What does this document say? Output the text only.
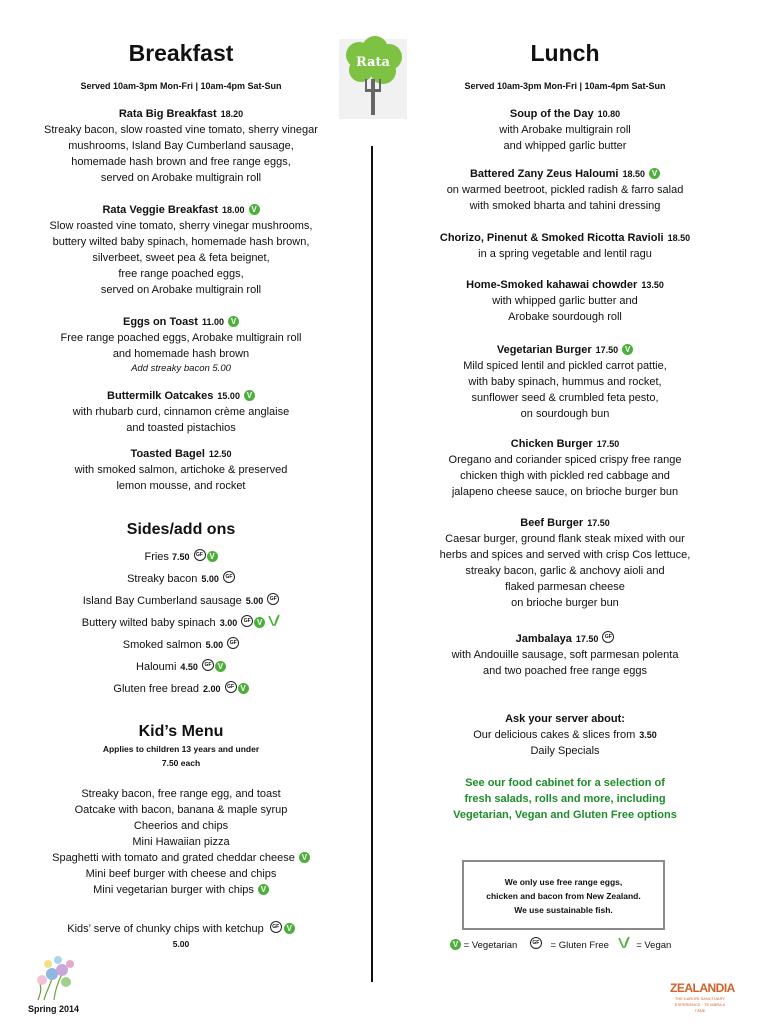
Rata
Breakfast
Served 10am-3pm Mon-Fri | 10am-4pm Sat-Sun
Rata Big Breakfast 18.20
Streaky bacon, slow roasted vine tomato, sherry vinegar
mushrooms, Island Bay Cumberland sausage,
homemade hash brown and free range eggs,
served on Arobake multigrain roll
Rata Veggie Breakfast 18.00 V
Slow roasted vine tomato, sherry vinegar mushrooms,
buttery wilted baby spinach, homemade hash brown,
silverbeet, sweet pea & feta beignet,
free range poached eggs,
served on Arobake multigrain roll
Eggs on Toast 11.00 V
Free range poached eggs, Arobake multigrain roll
and homemade hash brown
Add streaky bacon 5.00
Buttermilk Oatcakes 15.00 V
with rhubarb curd, cinnamon crème anglaise
and toasted pistachios
Toasted Bagel 12.50
with smoked salmon, artichoke & preserved
lemon mousse, and rocket
Sides/add ons
Fries 7.50 GF V
Streaky bacon 5.00 GF
Island Bay Cumberland sausage 5.00 GF
Buttery wilted baby spinach 3.00 GF V
Smoked salmon 5.00 GF
Haloumi 4.50 GF V
Gluten free bread 2.00 GF V
Kid’s Menu
Applies to children 13 years and under
7.50 each
Streaky bacon, free range egg, and toast
Oatcake with bacon, banana & maple syrup
Cheerios and chips
Mini Hawaiian pizza
Spaghetti with tomato and grated cheddar cheese V
Mini beef burger with cheese and chips
Mini vegetarian burger with chips V
Kids’ serve of chunky chips with ketchup GF V
5.00
Spring 2014
Lunch
Served 10am-3pm Mon-Fri | 10am-4pm Sat-Sun
Soup of the Day 10.80
with Arobake multigrain roll
and whipped garlic butter
Battered Zany Zeus Haloumi 18.50 V
on warmed beetroot, pickled radish & farro salad
with smoked bharta and tahini dressing
Chorizo, Pinenut & Smoked Ricotta Ravioli 18.50
in a spring vegetable and lentil ragu
Home-Smoked kahawai chowder 13.50
with whipped garlic butter and
Arobake sourdough roll
Vegetarian Burger 17.50 V
Mild spiced lentil and pickled carrot pattie,
with baby spinach, hummus and rocket,
sunflower seed & crumbled feta pesto,
on sourdough bun
Chicken Burger 17.50
Oregano and coriander spiced crispy free range
chicken thigh with pickled red cabbage and
jalapeno cheese sauce, on brioche burger bun
Beef Burger 17.50
Caesar burger, ground flank steak mixed with our
herbs and spices and served with crisp Cos lettuce,
streaky bacon, garlic & anchovy aioli and
flaked parmesan cheese
on brioche burger bun
Jambalaya 17.50 GF
with Andouille sausage, soft parmesan polenta
and two poached free range eggs
Ask your server about:
Our delicious cakes & slices from 3.50
Daily Specials
See our food cabinet for a selection of
fresh salads, rolls and more, including
Vegetarian, Vegan and Gluten Free options
We only use free range eggs,
chicken and bacon from New Zealand.
We use sustainable fish.
V = Vegetarian	GF = Gluten Free	= Vegan
ZEALANDIA
THE KARORI SANCTUARY EXPERIENCE · TE MĀRA A TĀNE
